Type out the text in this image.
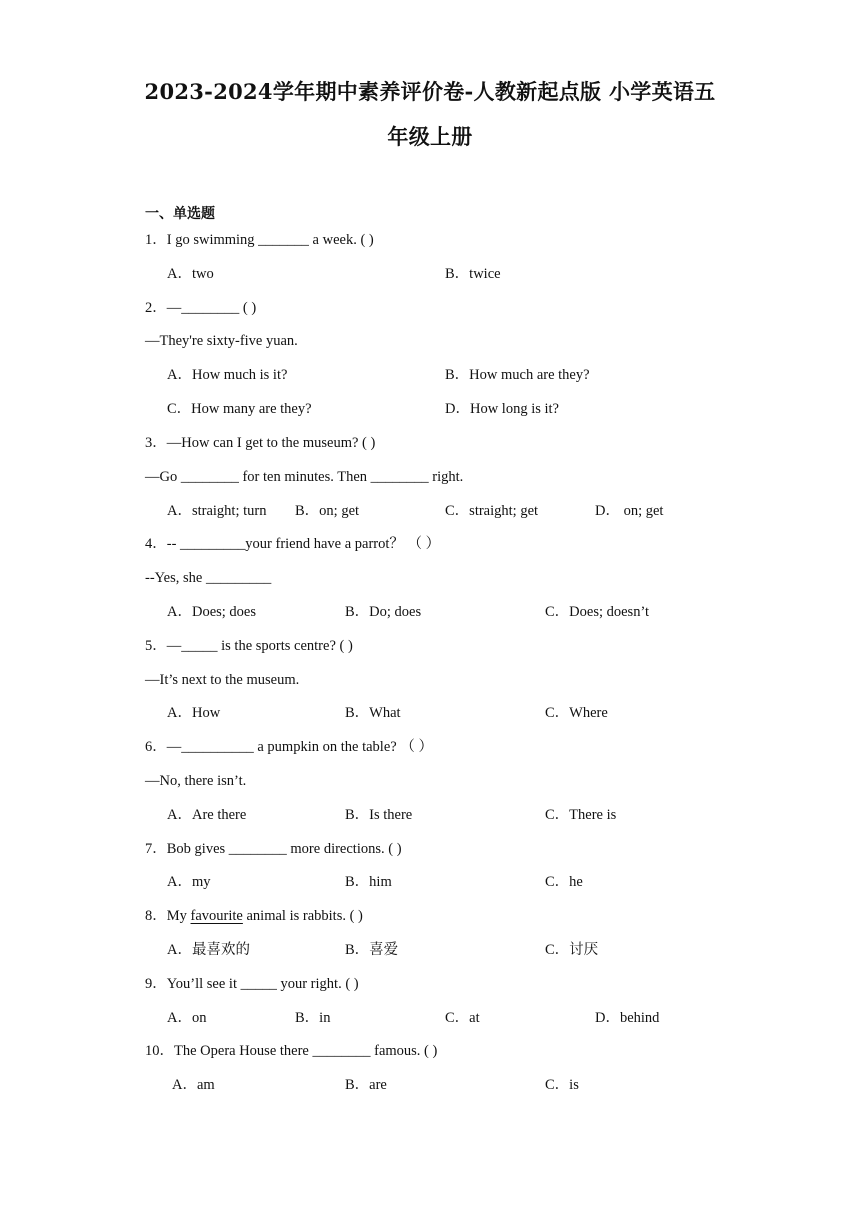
2023-2024学年期中素养评价卷-人教新起点版 小学英语五
年级上册
一、单选题
1．I go swimming _______ a week. ( )
A．two	B．twice
2．—________ ( )
—They're sixty-five yuan.
A．How much is it?	B．How much are they?
C．How many are they?	D．How long is it?
3．—How can I get to the museum? ( )
—Go ________ for ten minutes. Then ________ right.
A．straight; turn B．on; get	C．straight; get	D． on; get
4．-- _________your friend have a parrot？ （ ）
--Yes, she _________
A．Does; does	B．Do; does	C．Does; doesn’t
5．—_____ is the sports centre? ( )
—It’s next to the museum.
A．How	B．What	C．Where
6．—__________ a pumpkin on the table? （ ）
—No, there isn’t.
A．Are there	B．Is there	C．There is
7．Bob gives ________ more directions. ( )
A．my	B．him	C．he
8．My favourite animal is rabbits. ( )
A．最喜欢的	B．喜爱	C．讨厌
9．You’ll see it _____ your right. ( )
A．on	B．in	C．at	D．behind
10．The Opera House there ________ famous. ( )
A．am	B．are	C．is
